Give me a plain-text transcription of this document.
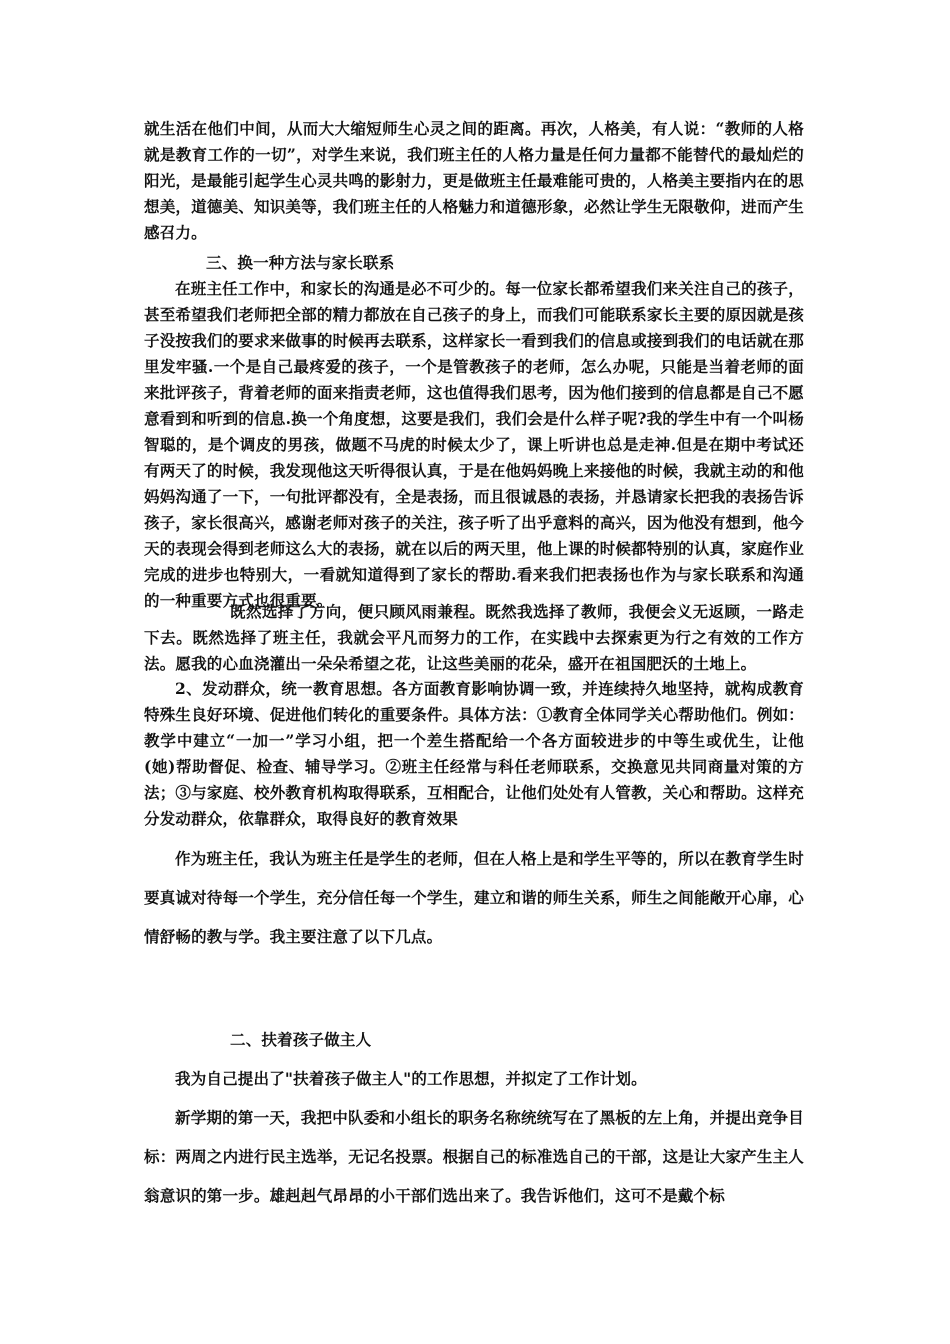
就生活在他们中间，从而大大缩短师生心灵之间的距离。再次，人格美，有人说：“教师的人格就是教育工作的一切”，对学生来说，我们班主任的人格力量是任何力量都不能替代的最灿烂的阳光，是最能引起学生心灵共鸣的影射力，更是做班主任最难能可贵的，人格美主要指内在的思想美，道德美、知识美等，我们班主任的人格魅力和道德形象，必然让学生无限敬仰，进而产生感召力。

三、换一种方法与家长联系

在班主任工作中，和家长的沟通是必不可少的。每一位家长都希望我们来关注自己的孩子，甚至希望我们老师把全部的精力都放在自己孩子的身上，而我们可能联系家长主要的原因就是孩子没按我们的要求来做事的时候再去联系，这样家长一看到我们的信息或接到我们的电话就在那里发牢骚.一个是自己最疼爱的孩子，一个是管教孩子的老师，怎么办呢，只能是当着老师的面来批评孩子，背着老师的面来指责老师，这也值得我们思考，因为他们接到的信息都是自己不愿意看到和听到的信息.换一个角度想，这要是我们，我们会是什么样子呢?我的学生中有一个叫杨智聪的，是个调皮的男孩，做题不马虎的时候太少了，课上听讲也总是走神.但是在期中考试还有两天了的时候，我发现他这天听得很认真，于是在他妈妈晚上来接他的时候，我就主动的和他妈妈沟通了一下，一句批评都没有，全是表扬，而且很诚恳的表扬，并恳请家长把我的表扬告诉孩子，家长很高兴，感谢老师对孩子的关注，孩子听了出乎意料的高兴，因为他没有想到，他今天的表现会得到老师这么大的表扬，就在以后的两天里，他上课的时候都特别的认真，家庭作业完成的进步也特别大，一看就知道得到了家长的帮助.看来我们把表扬也作为与家长联系和沟通的一种重要方式也很重要。

既然选择了方向，便只顾风雨兼程。既然我选择了教师，我便会义无返顾，一路走下去。既然选择了班主任，我就会平凡而努力的工作，在实践中去探索更为行之有效的工作方法。愿我的心血浇灌出一朵朵希望之花，让这些美丽的花朵，盛开在祖国肥沃的土地上。

2、发动群众，统一教育思想。各方面教育影响协调一致，并连续持久地坚持，就构成教育特殊生良好环境、促进他们转化的重要条件。具体方法：①教育全体同学关心帮助他们。例如：教学中建立“一加一”学习小组，把一个差生搭配给一个各方面较进步的中等生或优生，让他(她)帮助督促、检查、辅导学习。②班主任经常与科任老师联系，交换意见共同商量对策的方法；③与家庭、校外教育机构取得联系，互相配合，让他们处处有人管教，关心和帮助。这样充分发动群众，依靠群众，取得良好的教育效果

作为班主任，我认为班主任是学生的老师，但在人格上是和学生平等的，所以在教育学生时要真诚对待每一个学生，充分信任每一个学生，建立和谐的师生关系，师生之间能敞开心扉，心情舒畅的教与学。我主要注意了以下几点。

二、扶着孩子做主人

我为自己提出了"扶着孩子做主人"的工作思想，并拟定了工作计划。

新学期的第一天，我把中队委和小组长的职务名称统统写在了黑板的左上角，并提出竞争目标：两周之内进行民主选举，无记名投票。根据自己的标准选自己的干部，这是让大家产生主人翁意识的第一步。雄赳赳气昂昂的小干部们选出来了。我告诉他们，这可不是戴个标
